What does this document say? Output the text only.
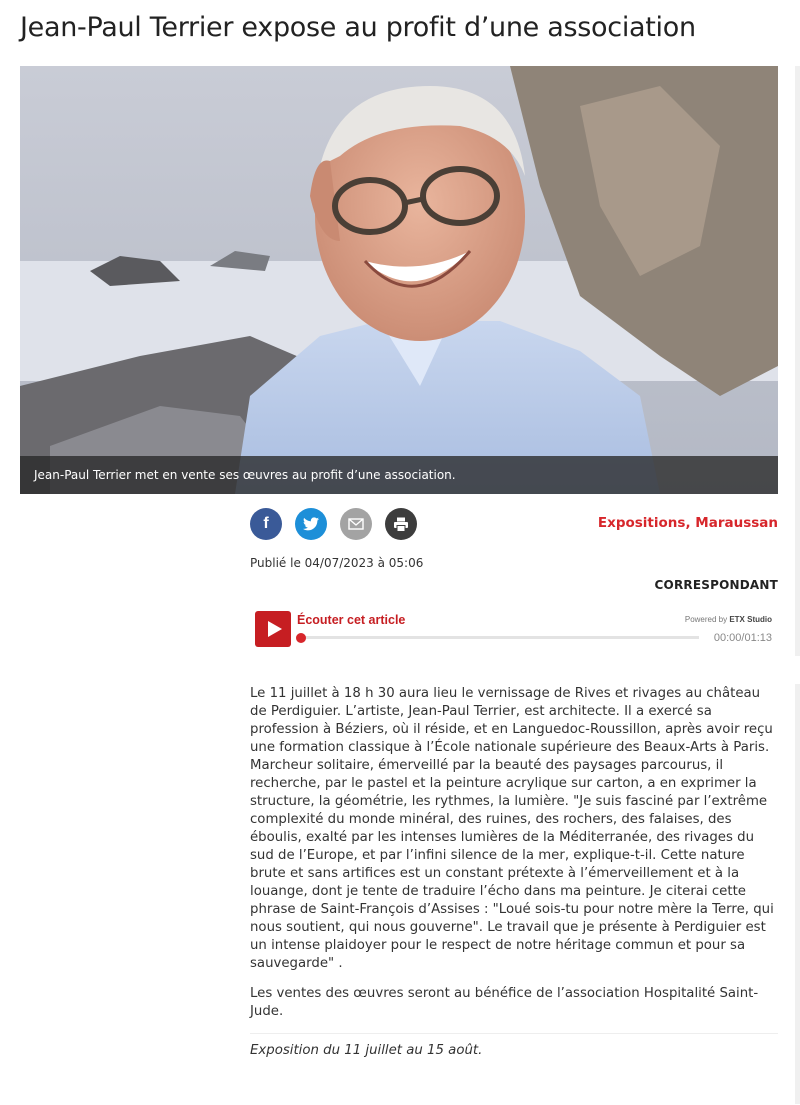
Jean-Paul Terrier expose au profit d’une association
Jean-Paul Terrier met en vente ses œuvres au profit d’une association.
f	Expositions, Maraussan
Publié le 04/07/2023 à 05:06
CORRESPONDANT
Écouter cet article	Powered by ETX Studio
00:00/01:13

Le 11 juillet à 18 h 30 aura lieu le vernissage de Rives et rivages au château de Perdiguier. L’artiste, Jean-Paul Terrier, est architecte. Il a exercé sa profession à Béziers, où il réside, et en Languedoc-Roussillon, après avoir reçu une formation classique à l’École nationale supérieure des Beaux-Arts à Paris. Marcheur solitaire, émerveillé par la beauté des paysages parcourus, il recherche, par le pastel et la peinture acrylique sur carton, a en exprimer la structure, la géométrie, les rythmes, la lumière. "Je suis fasciné par l’extrême complexité du monde minéral, des ruines, des rochers, des falaises, des éboulis, exalté par les intenses lumières de la Méditerranée, des rivages du sud de l’Europe, et par l’infini silence de la mer, explique-t-il. Cette nature brute et sans artifices est un constant prétexte à l’émerveillement et à la louange, dont je tente de traduire l’écho dans ma peinture. Je citerai cette phrase de Saint-François d’Assises : "Loué sois-tu pour notre mère la Terre, qui nous soutient, qui nous gouverne". Le travail que je présente à Perdiguier est un intense plaidoyer pour le respect de notre héritage commun et pour sa sauvegarde" .

Les ventes des œuvres seront au bénéfice de l’association Hospitalité Saint-Jude.

Exposition du 11 juillet au 15 août.
